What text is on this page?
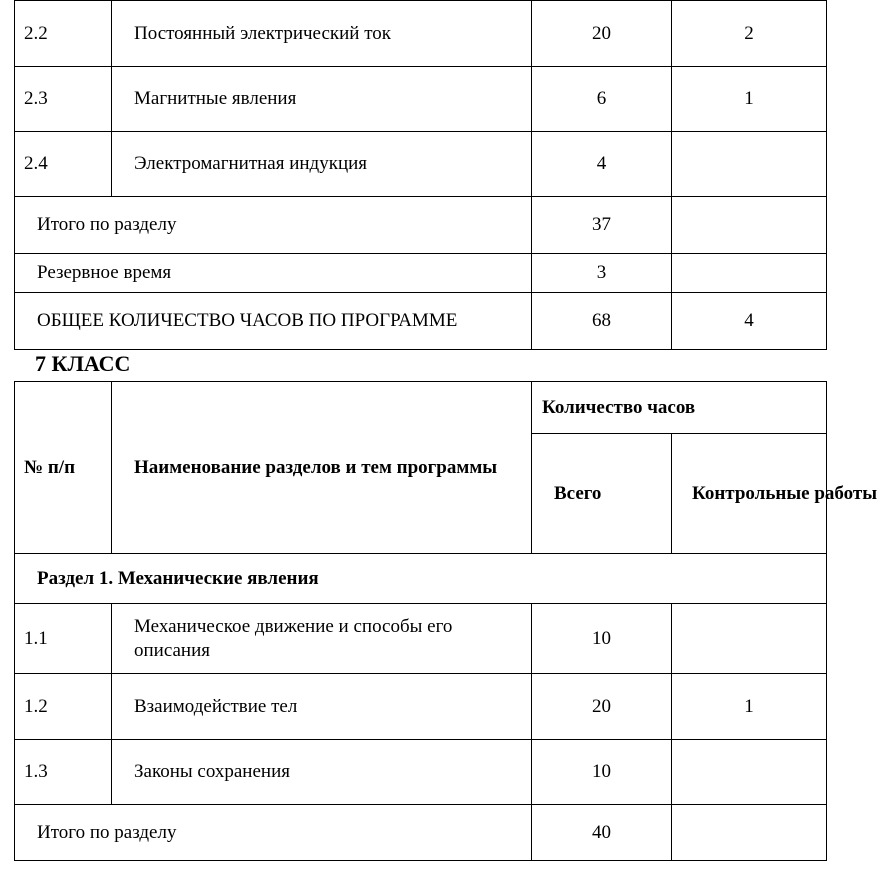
2.2	Постоянный электрический ток	20	2
2.3	Магнитные явления	6	1
2.4	Электромагнитная индукция	4	
Итого по разделу		37	
Резервное время		3	
ОБЩЕЕ КОЛИЧЕСТВО ЧАСОВ ПО ПРОГРАММЕ		68	4
7 КЛАСС
№ п/п	Наименование разделов и тем программы	Количество часов	
		Всего	Контрольные работы
Раздел 1. Механические явления			
1.1	Механическое движение и способы его описания	10	
1.2	Взаимодействие тел	20	1
1.3	Законы сохранения	10	
Итого по разделу		40	
